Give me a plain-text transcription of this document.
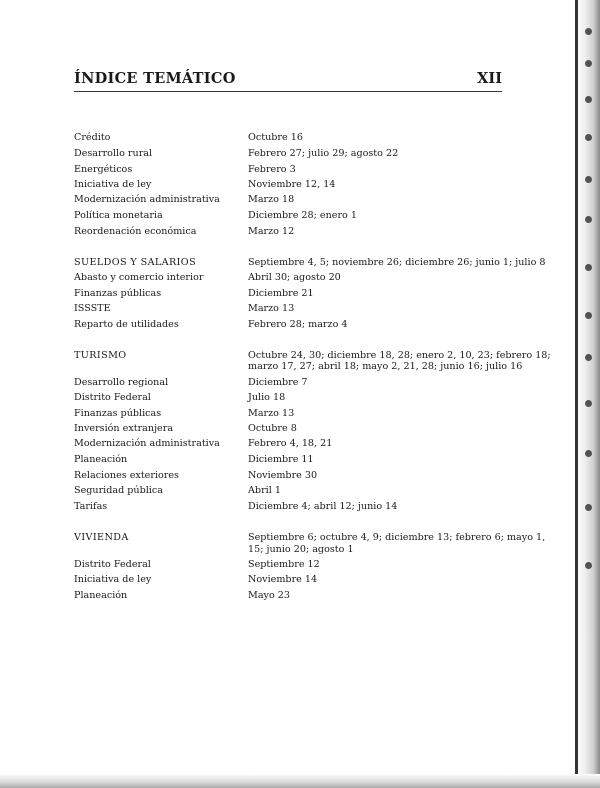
ÍNDICE TEMÁTICO	XII
Crédito	Octubre 16
Desarrollo rural	Febrero 27; julio 29; agosto 22
Energéticos	Febrero 3
Iniciativa de ley	Noviembre 12, 14
Modernización administrativa	Marzo 18
Política monetaria	Diciembre 28; enero 1
Reordenación económica	Marzo 12
SUELDOS Y SALARIOS	Septiembre 4, 5; noviembre 26; diciembre 26; junio 1; julio 8
Abasto y comercio interior	Abril 30; agosto 20
Finanzas públicas	Diciembre 21
ISSSTE	Marzo 13
Reparto de utilidades	Febrero 28; marzo 4
TURISMO	Octubre 24, 30; diciembre 18, 28; enero 2, 10, 23; febrero 18;
marzo 17, 27; abril 18; mayo 2, 21, 28; junio 16; julio 16
Desarrollo regional	Diciembre 7
Distrito Federal	Julio 18
Finanzas públicas	Marzo 13
Inversión extranjera	Octubre 8
Modernización administrativa	Febrero 4, 18, 21
Planeación	Diciembre 11
Relaciones exteriores	Noviembre 30
Seguridad pública	Abril 1
Tarifas	Diciembre 4; abril 12; junio 14
VIVIENDA	Septiembre 6; octubre 4, 9; diciembre 13; febrero 6; mayo 1,
15; junio 20; agosto 1
Distrito Federal	Septiembre 12
Iniciativa de ley	Noviembre 14
Planeación	Mayo 23
